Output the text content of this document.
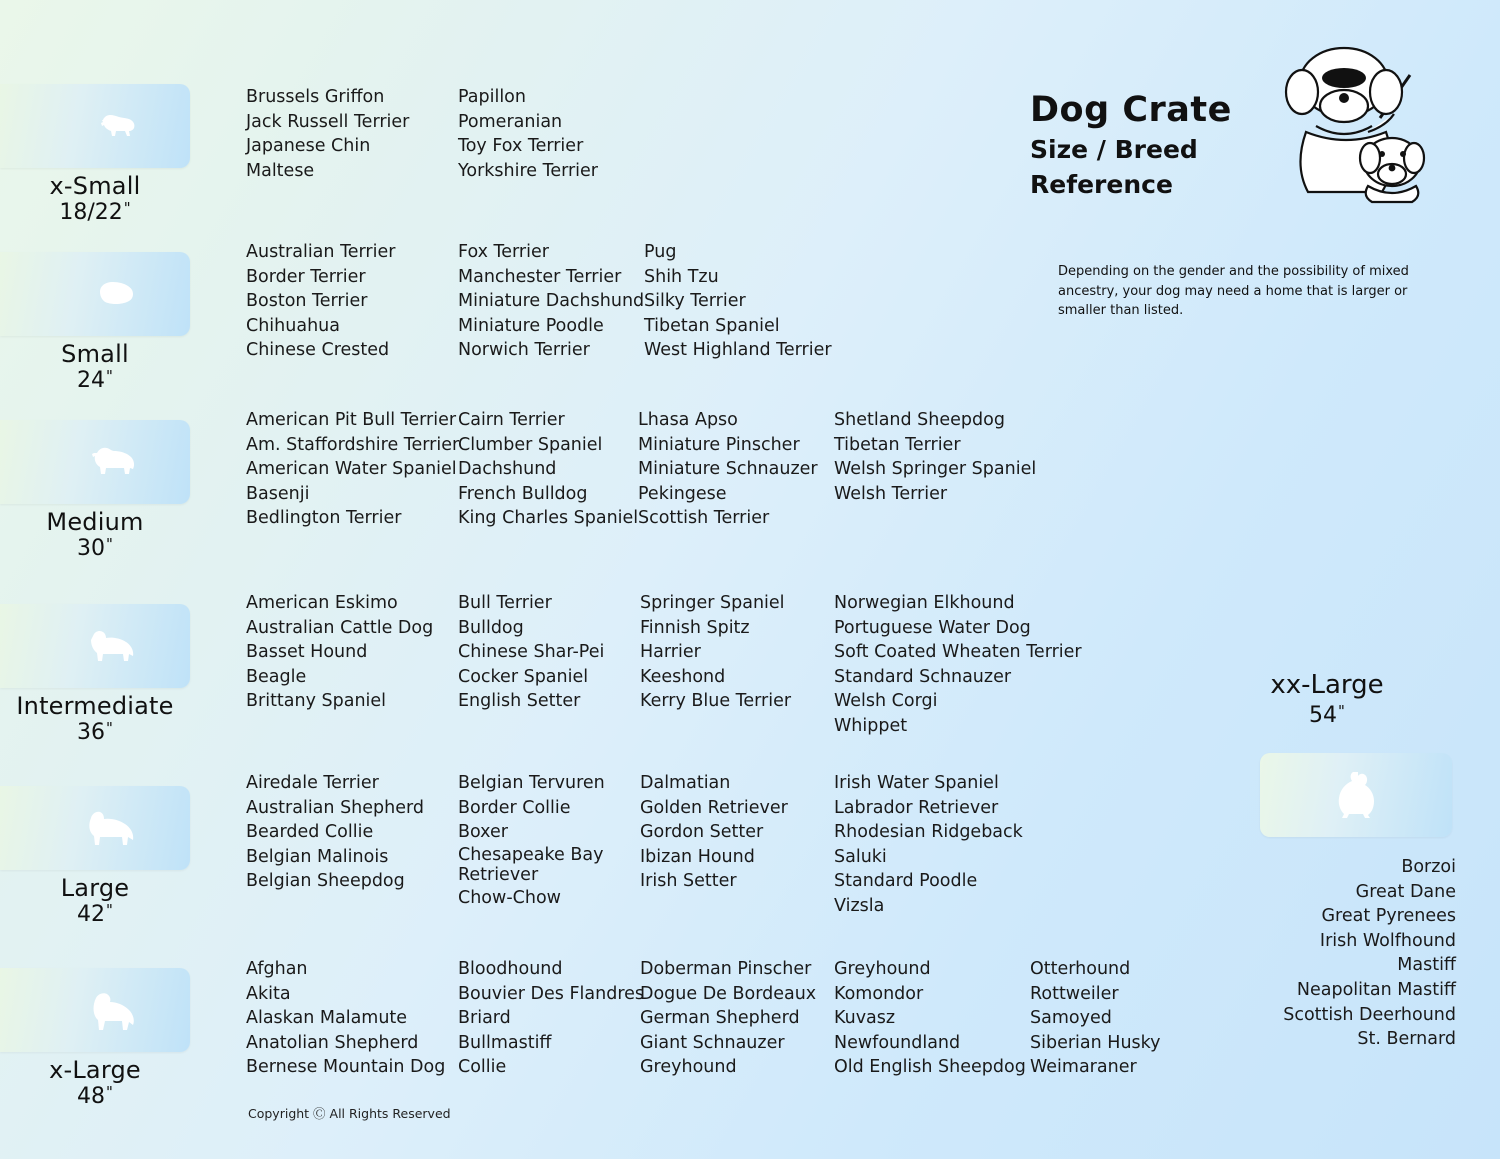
x-Small
18/22"
Small
24"
Medium
30"
Intermediate
36"
Large
42"
x-Large
48"
Dog Crate
Size / Breed
Reference
Depending on the gender and the possibility of mixed ancestry, your dog may need a home that is larger or smaller than listed.
Brussels Griffon
Jack Russell Terrier
Japanese Chin
Maltese
Papillon
Pomeranian
Toy Fox Terrier
Yorkshire Terrier
Australian Terrier
Border Terrier
Boston Terrier
Chihuahua
Chinese Crested
Fox Terrier
Manchester Terrier
Miniature Dachshund
Miniature Poodle
Norwich Terrier
Pug
Shih Tzu
Silky Terrier
Tibetan Spaniel
West Highland Terrier
American Pit Bull Terrier
Am. Staffordshire Terrier
American Water Spaniel
Basenji
Bedlington Terrier
Cairn Terrier
Clumber Spaniel
Dachshund
French Bulldog
King Charles Spaniel
Lhasa Apso
Miniature Pinscher
Miniature Schnauzer
Pekingese
Scottish Terrier
Shetland Sheepdog
Tibetan Terrier
Welsh Springer Spaniel
Welsh Terrier
American Eskimo
Australian Cattle Dog
Basset Hound
Beagle
Brittany Spaniel
Bull Terrier
Bulldog
Chinese Shar-Pei
Cocker Spaniel
English Setter
Springer Spaniel
Finnish Spitz
Harrier
Keeshond
Kerry Blue Terrier
Norwegian Elkhound
Portuguese Water Dog
Soft Coated Wheaten Terrier
Standard Schnauzer
Welsh Corgi
Whippet
Airedale Terrier
Australian Shepherd
Bearded Collie
Belgian Malinois
Belgian Sheepdog
Belgian Tervuren
Border Collie
Boxer
Chesapeake Bay Retriever
Chow-Chow
Dalmatian
Golden Retriever
Gordon Setter
Ibizan Hound
Irish Setter
Irish Water Spaniel
Labrador Retriever
Rhodesian Ridgeback
Saluki
Standard Poodle
Vizsla
Afghan
Akita
Alaskan Malamute
Anatolian Shepherd
Bernese Mountain Dog
Bloodhound
Bouvier Des Flandres
Briard
Bullmastiff
Collie
Doberman Pinscher
Dogue De Bordeaux
German Shepherd
Giant Schnauzer
Greyhound
Greyhound
Komondor
Kuvasz
Newfoundland
Old English Sheepdog
Otterhound
Rottweiler
Samoyed
Siberian Husky
Weimaraner
xx-Large
54"
Borzoi
Great Dane
Great Pyrenees
Irish Wolfhound
Mastiff
Neapolitan Mastiff
Scottish Deerhound
St. Bernard
Copyright Ⓒ All Rights Reserved
